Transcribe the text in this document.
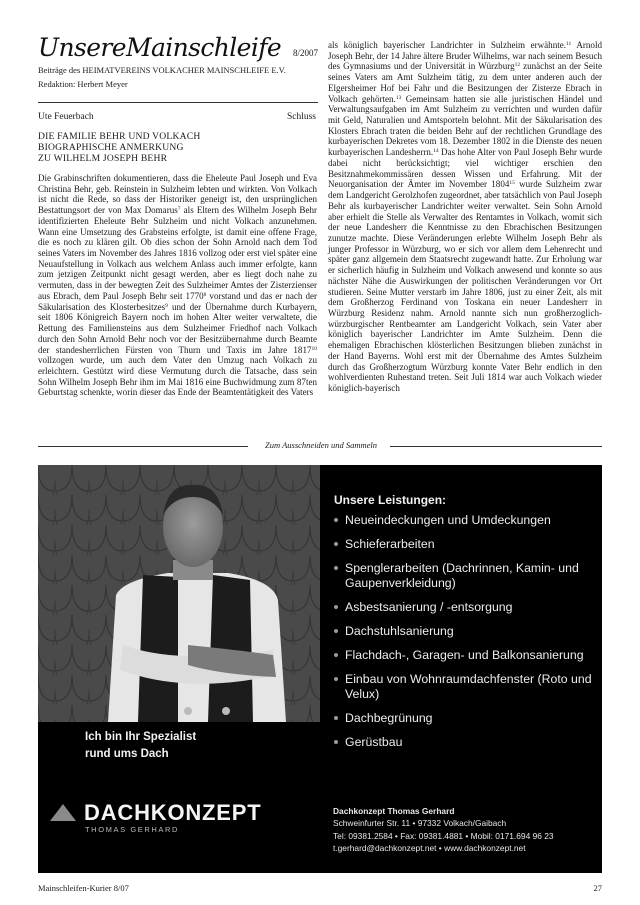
UnsereMainschleife	8/2007
Beiträge des HEIMATVEREINS VOLKACHER MAINSCHLEIFE E.V.
Redaktion: Herbert Meyer
Ute Feuerbach	Schluss
DIE FAMILIE BEHR UND VOLKACH
BIOGRAPHISCHE ANMERKUNG
ZU WILHELM JOSEPH BEHR

Die Grabinschriften dokumentieren, dass die Eheleute Paul Joseph und Eva Christina Behr, geb. Reinstein in Sulzheim lebten und wirkten. Von Volkach ist nicht die Rede, so dass der Historiker geneigt ist, den ursprünglichen Bestattungsort der von Max Domarus$^7$ als Eltern des Wilhelm Joseph Behr identifizierten Eheleute Behr Sulzheim und nicht Volkach anzunehmen. Wann eine Umsetzung des Grabsteins erfolgte, ist damit eine offene Frage, die es noch zu klären gilt. Ob dies schon der Sohn Arnold nach dem Tod seines Vaters im November des Jahres 1816 vollzog oder erst viel später eine Neuaufstellung in Volkach aus welchem Anlass auch immer erfolgte, kann zum jetzigen Zeitpunkt nicht gesagt werden, aber es liegt doch nahe zu vermuten, dass in der bewegten Zeit des Sulzheimer Amtes der Zisterzienser aus Ebrach, dem Paul Joseph Behr seit 1770$^8$ vorstand und das er nach der Säkularisation des Klosterbesitzes$^9$ und der Übernahme durch Kurbayern, seit 1806 Königreich Bayern noch im hohen Alter weiter verwaltete, die Rettung des Familiensteins aus dem Sulzheimer Friedhof nach Volkach durch den Sohn Arnold Behr noch vor der Besitzübernahme durch Beamte der standesherrlichen Fürsten von Thurn und Taxis im Jahre 1817$^{10}$ vollzogen wurde, um auch dem Vater den Umzug nach Volkach zu erleichtern. Gestützt wird diese Vermutung durch die Tatsache, dass sein Sohn Wilhelm Joseph Behr ihm im Mai 1816 eine Buchwidmung zum 87ten Geburtstag schenkte, worin dieser das Ende der Beamtentätigkeit des Vaters

als königlich bayerischer Landrichter in Sulzheim erwähnte.$^{11}$ Arnold Joseph Behr, der 14 Jahre ältere Bruder Wilhelms, war nach seinem Besuch des Gymnasiums und der Universität in Würzburg$^{12}$ zunächst an der Seite seines Vaters am Amt Sulzheim tätig, zu dem unter anderen auch der Elgersheimer Hof bei Fahr und die Besitzungen der Zisterze Ebrach in Volkach gehörten.$^{13}$ Gemeinsam hatten sie alle juristischen Händel und Verwaltungsaufgaben im Amt Sulzheim zu verrichten und wurden dafür mit Geld, Naturalien und Amtsporteln belohnt. Mit der Säkularisation des Klosters Ebrach traten die beiden Behr auf der rechtlichen Grundlage des kurbayerischen Dekretes vom 18. Dezember 1802 in die Dienste des neuen kurbayerischen Landesherrn.$^{14}$ Das hohe Alter von Paul Joseph Behr wurde dabei nicht berücksichtigt; viel wichtiger erschien den Besitznahmekommissären dessen Wissen und Erfahrung. Mit der Neuorganisation der Ämter im November 1804$^{15}$ wurde Sulzheim zwar dem Landgericht Gerolzhofen zugeordnet, aber tatsächlich von Paul Joseph Behr als kurbayerischer Landrichter weiter verwaltet. Sein Sohn Arnold aber erhielt die Stelle als Verwalter des Rentamtes in Volkach, womit sich der neue Landesherr die Kenntnisse zu den Ebrachischen Besitzungen zunutze machte. Diese Veränderungen erlebte Wilhelm Joseph Behr als junger Professor in Würzburg, wo er sich vor allem dem Lehenrecht und später ganz allgemein dem Staatsrecht zugewandt hatte. Zur Erholung war er sicherlich häufig in Sulzheim und Volkach anwesend und konnte so aus nächster Nähe die Auswirkungen der politischen Veränderungen vor Ort studieren. Seine Mutter verstarb im Jahre 1806, just zu einer Zeit, als mit dem Großherzog Ferdinand von Toskana ein neuer Landesherr in Würzburg Residenz nahm. Arnold nannte sich nun großherzoglich- würzburgischer Rentbeamter am Landgericht Volkach, sein Vater aber königlich bayerischer Landrichter im Amte Sulzheim. Denn die ehemaligen Ebrachischen klösterlichen Besitzungen blieben zunächst in der Hand Bayerns. Wohl erst mit der Übernahme des Amtes Sulzheim durch das Großherzogtum Würzburg konnte Vater Behr endlich in den wohlverdienten Ruhestand treten. Seit Juli 1814 war auch Volkach wieder königlich-bayerisch

Zum Ausschneiden und Sammeln
Unsere Leistungen:
Neueindeckungen und Umdeckungen
Schieferarbeiten
Spenglerarbeiten (Dachrinnen, Kamin- und Gaupenverkleidung)
Asbestsanierung / -entsorgung
Dachstuhlsanierung
Flachdach-, Garagen- und Balkonsanierung
Einbau von Wohnraumdachfenster (Roto und Velux)
Dachbegrünung
Gerüstbau
Ich bin Ihr Spezialist
rund ums Dach
DACHKONZEPT
THOMAS GERHARD
Dachkonzept Thomas Gerhard
Schweinfurter Str. 11 • 97332 Volkach/Gaibach
Tel: 09381.2584 • Fax: 09381.4881 • Mobil: 0171.694 96 23
t.gerhard@dachkonzept.net • www.dachkonzept.net
Mainschleifen-Kurier 8/07	27
